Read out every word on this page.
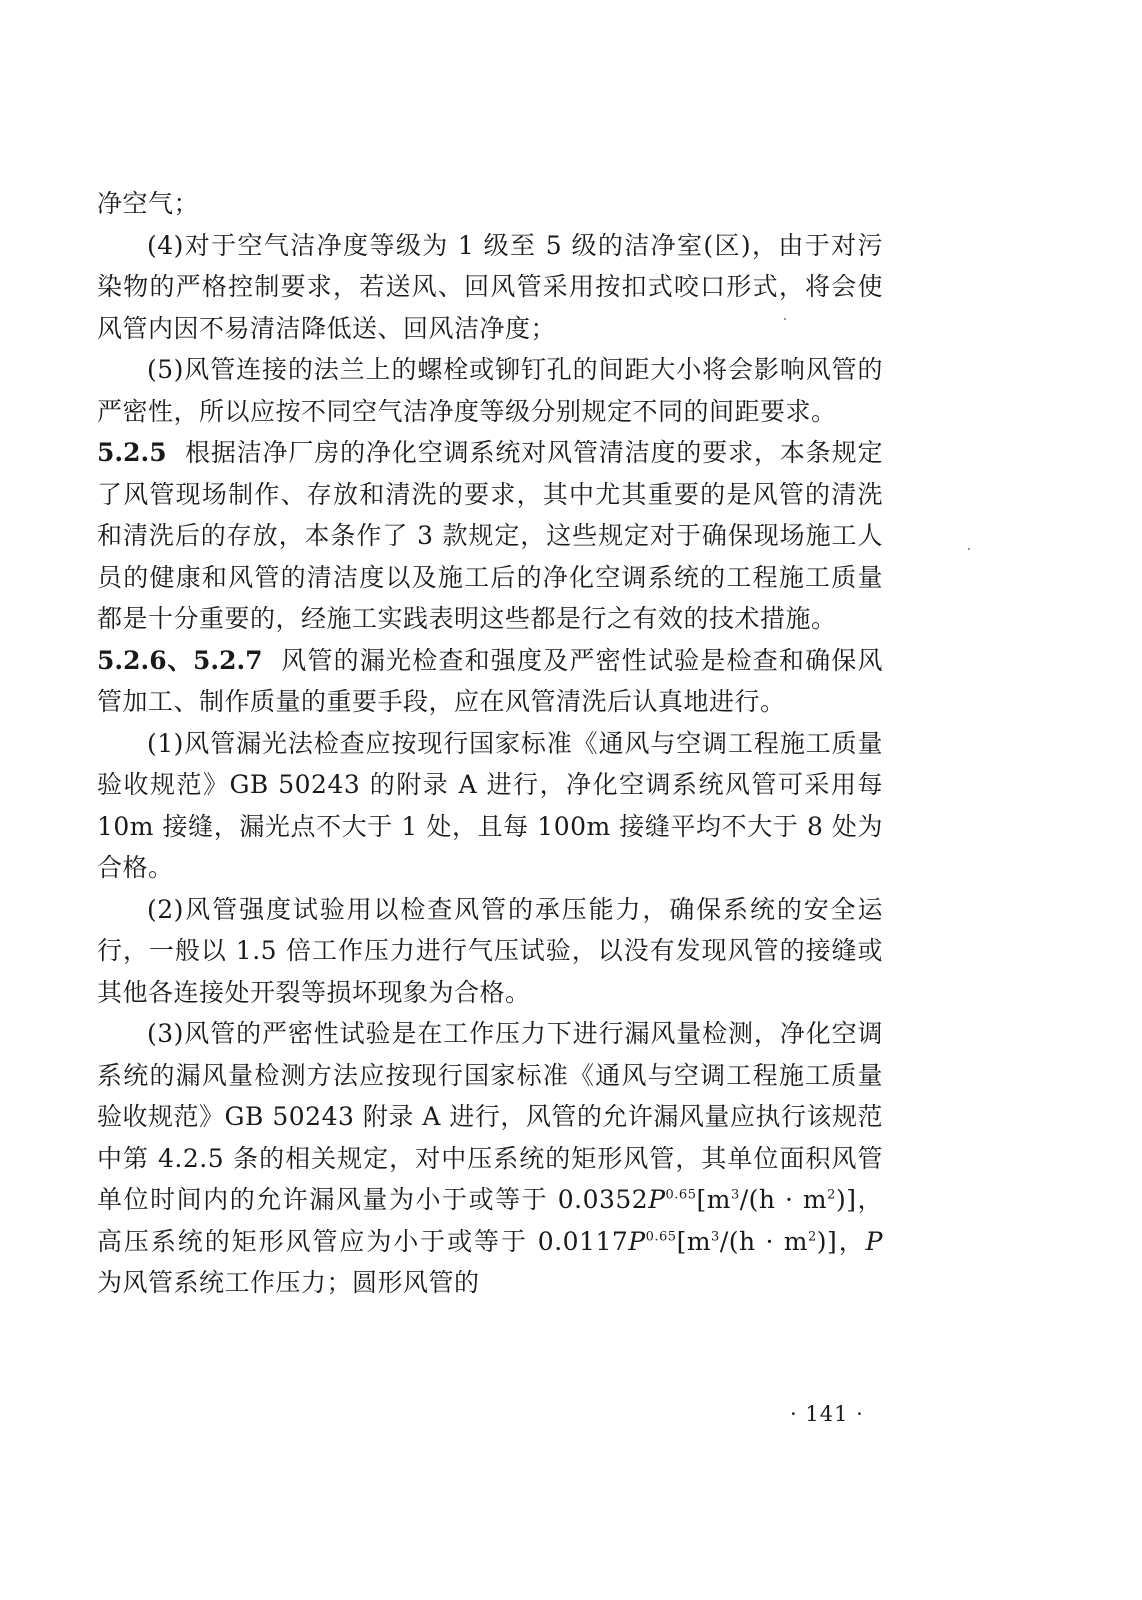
净空气；

(4)对于空气洁净度等级为 1 级至 5 级的洁净室(区)，由于对污染物的严格控制要求，若送风、回风管采用按扣式咬口形式，将会使风管内因不易清洁降低送、回风洁净度；

(5)风管连接的法兰上的螺栓或铆钉孔的间距大小将会影响风管的严密性，所以应按不同空气洁净度等级分别规定不同的间距要求。

5.2.5 根据洁净厂房的净化空调系统对风管清洁度的要求，本条规定了风管现场制作、存放和清洗的要求，其中尤其重要的是风管的清洗和清洗后的存放，本条作了 3 款规定，这些规定对于确保现场施工人员的健康和风管的清洁度以及施工后的净化空调系统的工程施工质量都是十分重要的，经施工实践表明这些都是行之有效的技术措施。

5.2.6、5.2.7 风管的漏光检查和强度及严密性试验是检查和确保风管加工、制作质量的重要手段，应在风管清洗后认真地进行。

(1)风管漏光法检查应按现行国家标准《通风与空调工程施工质量验收规范》GB 50243 的附录 A 进行，净化空调系统风管可采用每 10m 接缝，漏光点不大于 1 处，且每 100m 接缝平均不大于 8 处为合格。

(2)风管强度试验用以检查风管的承压能力，确保系统的安全运行，一般以 1.5 倍工作压力进行气压试验，以没有发现风管的接缝或其他各连接处开裂等损坏现象为合格。

(3)风管的严密性试验是在工作压力下进行漏风量检测，净化空调系统的漏风量检测方法应按现行国家标准《通风与空调工程施工质量验收规范》GB 50243 附录 A 进行，风管的允许漏风量应执行该规范中第 4.2.5 条的相关规定，对中压系统的矩形风管，其单位面积风管单位时间内的允许漏风量为小于或等于 $0.0352P^{0.65}[m^3/(h \cdot m^2)]$，高压系统的矩形风管应为小于或等于 $0.0117P^{0.65}[m^3/(h \cdot m^2)]$，P 为风管系统工作压力；圆形风管的

· 141 ·
